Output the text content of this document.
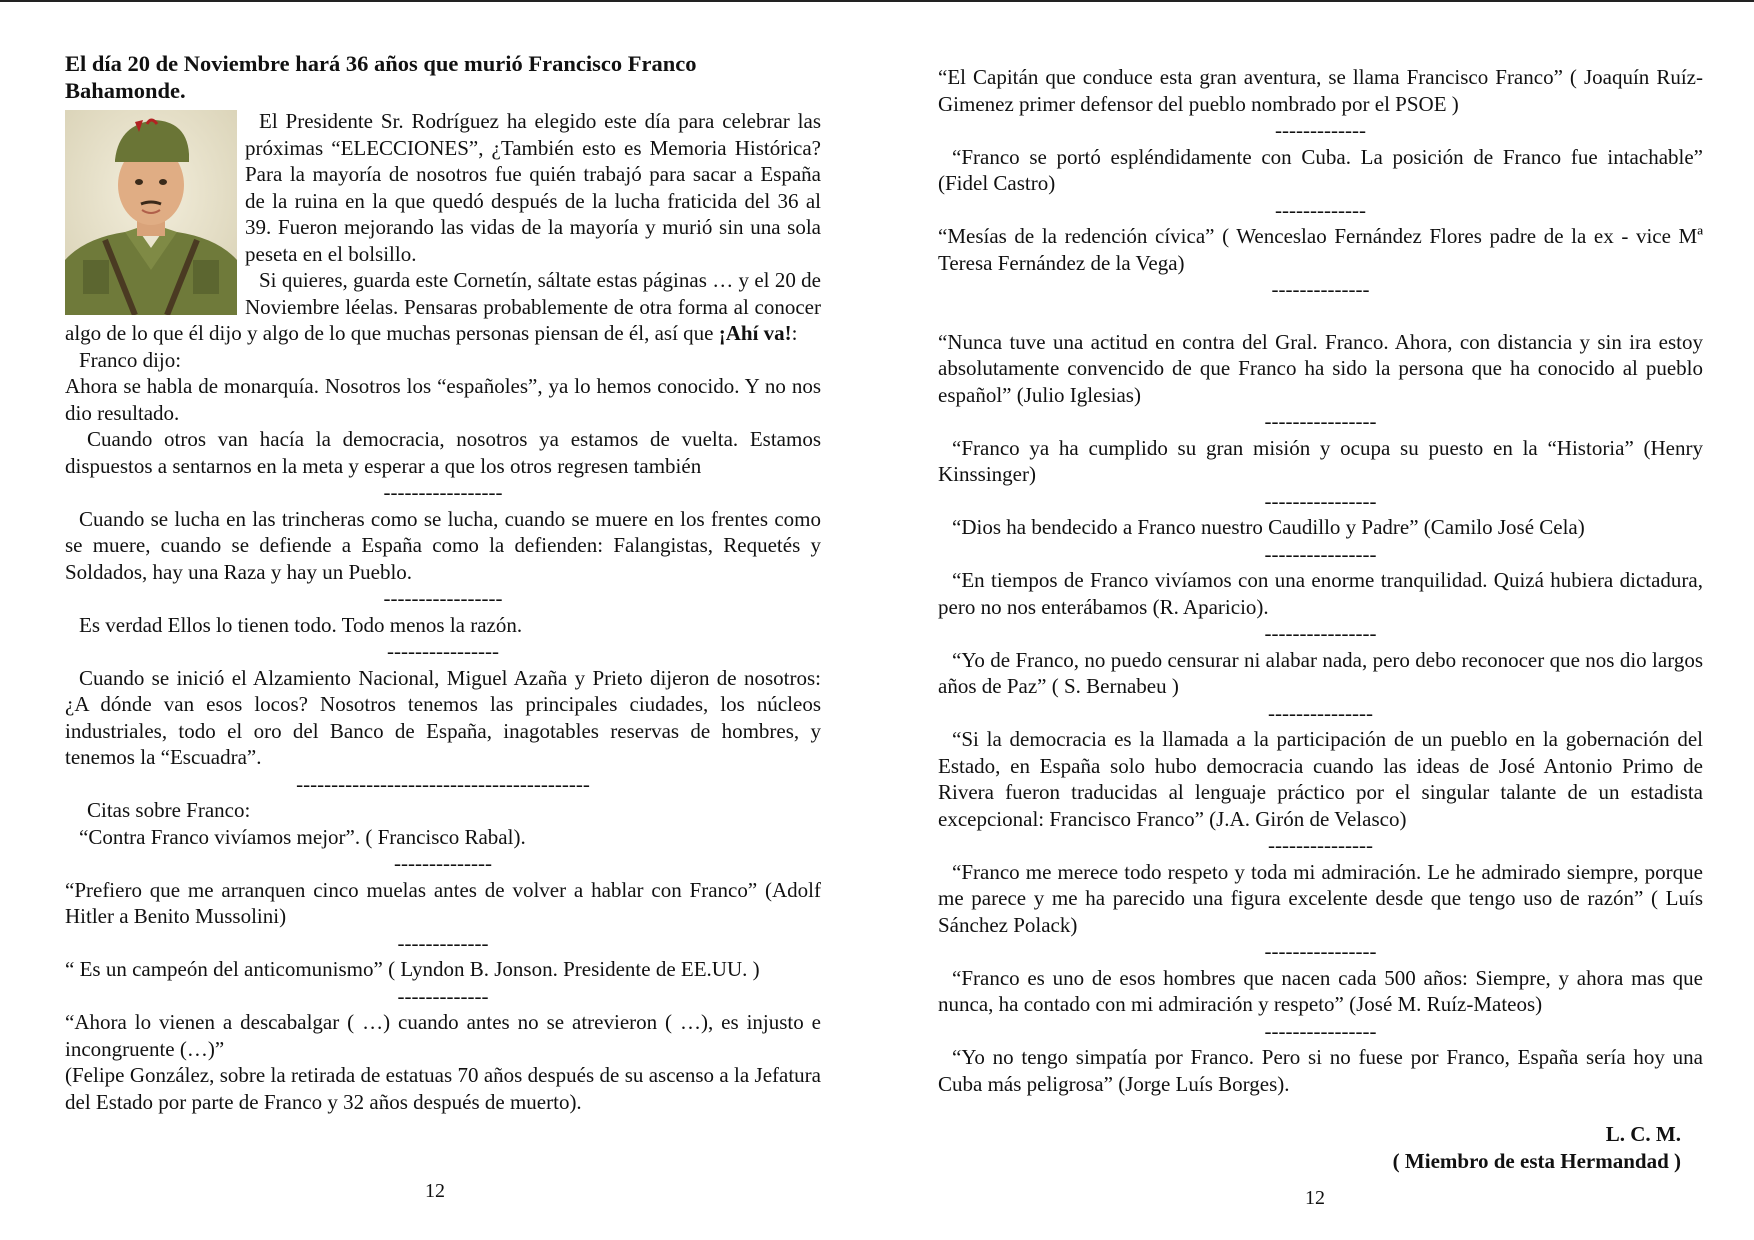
El día 20 de Noviembre hará 36 años que murió Francisco Franco Bahamonde.

El Presidente Sr. Rodríguez ha elegido este día para celebrar las próximas “ELECCIONES”, ¿También esto es Memoria Histórica? Para la mayoría de nosotros fue quién trabajó para sacar a España de la ruina en la que quedó después de la lucha fraticida del 36 al 39. Fueron mejorando las vidas de la mayoría y murió sin una sola peseta en el bolsillo.

Si quieres, guarda este Cornetín, sáltate estas páginas … y el 20 de Noviembre léelas. Pensaras probablemente de otra forma al conocer algo de lo que él dijo y algo de lo que muchas personas piensan de él, así que ¡Ahí va!:

Franco dijo:

Ahora se habla de monarquía. Nosotros los “españoles”, ya lo hemos conocido. Y no nos dio resultado.

Cuando otros van hacía la democracia, nosotros ya estamos de vuelta. Estamos dispuestos a sentarnos en la meta y esperar a que los otros regresen también

-----------------

Cuando se lucha en las trincheras como se lucha, cuando se muere en los frentes como se muere, cuando se defiende a España como la defienden: Falangistas, Requetés y Soldados, hay una Raza y hay un Pueblo.

-----------------

Es verdad Ellos lo tienen todo. Todo menos la razón.

----------------

Cuando se inició el Alzamiento Nacional, Miguel Azaña y Prieto dijeron de nosotros: ¿A dónde van esos locos? Nosotros tenemos las principales ciudades, los núcleos industriales, todo el oro del Banco de España, inagotables reservas de hombres, y tenemos la “Escuadra”.

------------------------------------------

Citas sobre Franco:

“Contra Franco vivíamos mejor”. ( Francisco Rabal).

--------------

“Prefiero que me arranquen cinco muelas antes de volver a hablar con Franco” (Adolf Hitler a Benito Mussolini)

-------------

“ Es un campeón del anticomunismo” ( Lyndon B. Jonson. Presidente de EE.UU. )

-------------

“Ahora lo vienen a descabalgar ( …) cuando antes no se atrevieron ( …), es injusto e incongruente (…)”

(Felipe González, sobre la retirada de estatuas 70 años después de su ascenso a la Jefatura del Estado por parte de Franco y 32 años después de muerto).

12

“El Capitán que conduce esta gran aventura, se llama Francisco Franco” ( Joaquín Ruíz-Gimenez primer defensor del pueblo nombrado por el PSOE )

-------------

“Franco se portó espléndidamente con Cuba. La posición de Franco fue intachable” (Fidel Castro)

-------------

“Mesías de la redención cívica” ( Wenceslao Fernández Flores padre de la ex - vice Mª Teresa Fernández de la Vega)

--------------

“Nunca tuve una actitud en contra del Gral. Franco. Ahora, con distancia y sin ira estoy absolutamente convencido de que Franco ha sido la persona que ha conocido al pueblo español” (Julio Iglesias)

----------------

“Franco ya ha cumplido su gran misión y ocupa su puesto en la “Historia” (Henry Kinssinger)

----------------

“Dios ha bendecido a Franco nuestro Caudillo y Padre” (Camilo José Cela)

----------------

“En tiempos de Franco vivíamos con una enorme tranquilidad. Quizá hubiera dictadura, pero no nos enterábamos (R. Aparicio).

----------------

“Yo de Franco, no puedo censurar ni alabar nada, pero debo reconocer que nos dio largos años de Paz” ( S. Bernabeu )

---------------

“Si la democracia es la llamada a la participación de un pueblo en la gobernación del Estado, en España solo hubo democracia cuando las ideas de José Antonio Primo de Rivera fueron traducidas al lenguaje práctico por el singular talante de un estadista excepcional: Francisco Franco” (J.A. Girón de Velasco)

---------------

“Franco me merece todo respeto y toda mi admiración. Le he admirado siempre, porque me parece y me ha parecido una figura excelente desde que tengo uso de razón” ( Luís Sánchez Polack)

----------------

“Franco es uno de esos hombres que nacen cada 500 años: Siempre, y ahora mas que nunca, ha contado con mi admiración y respeto” (José M. Ruíz-Mateos)

----------------

“Yo no tengo simpatía por Franco. Pero si no fuese por Franco, España sería hoy una Cuba más peligrosa” (Jorge Luís Borges).

L. C. M.
( Miembro de esta Hermandad )
12
